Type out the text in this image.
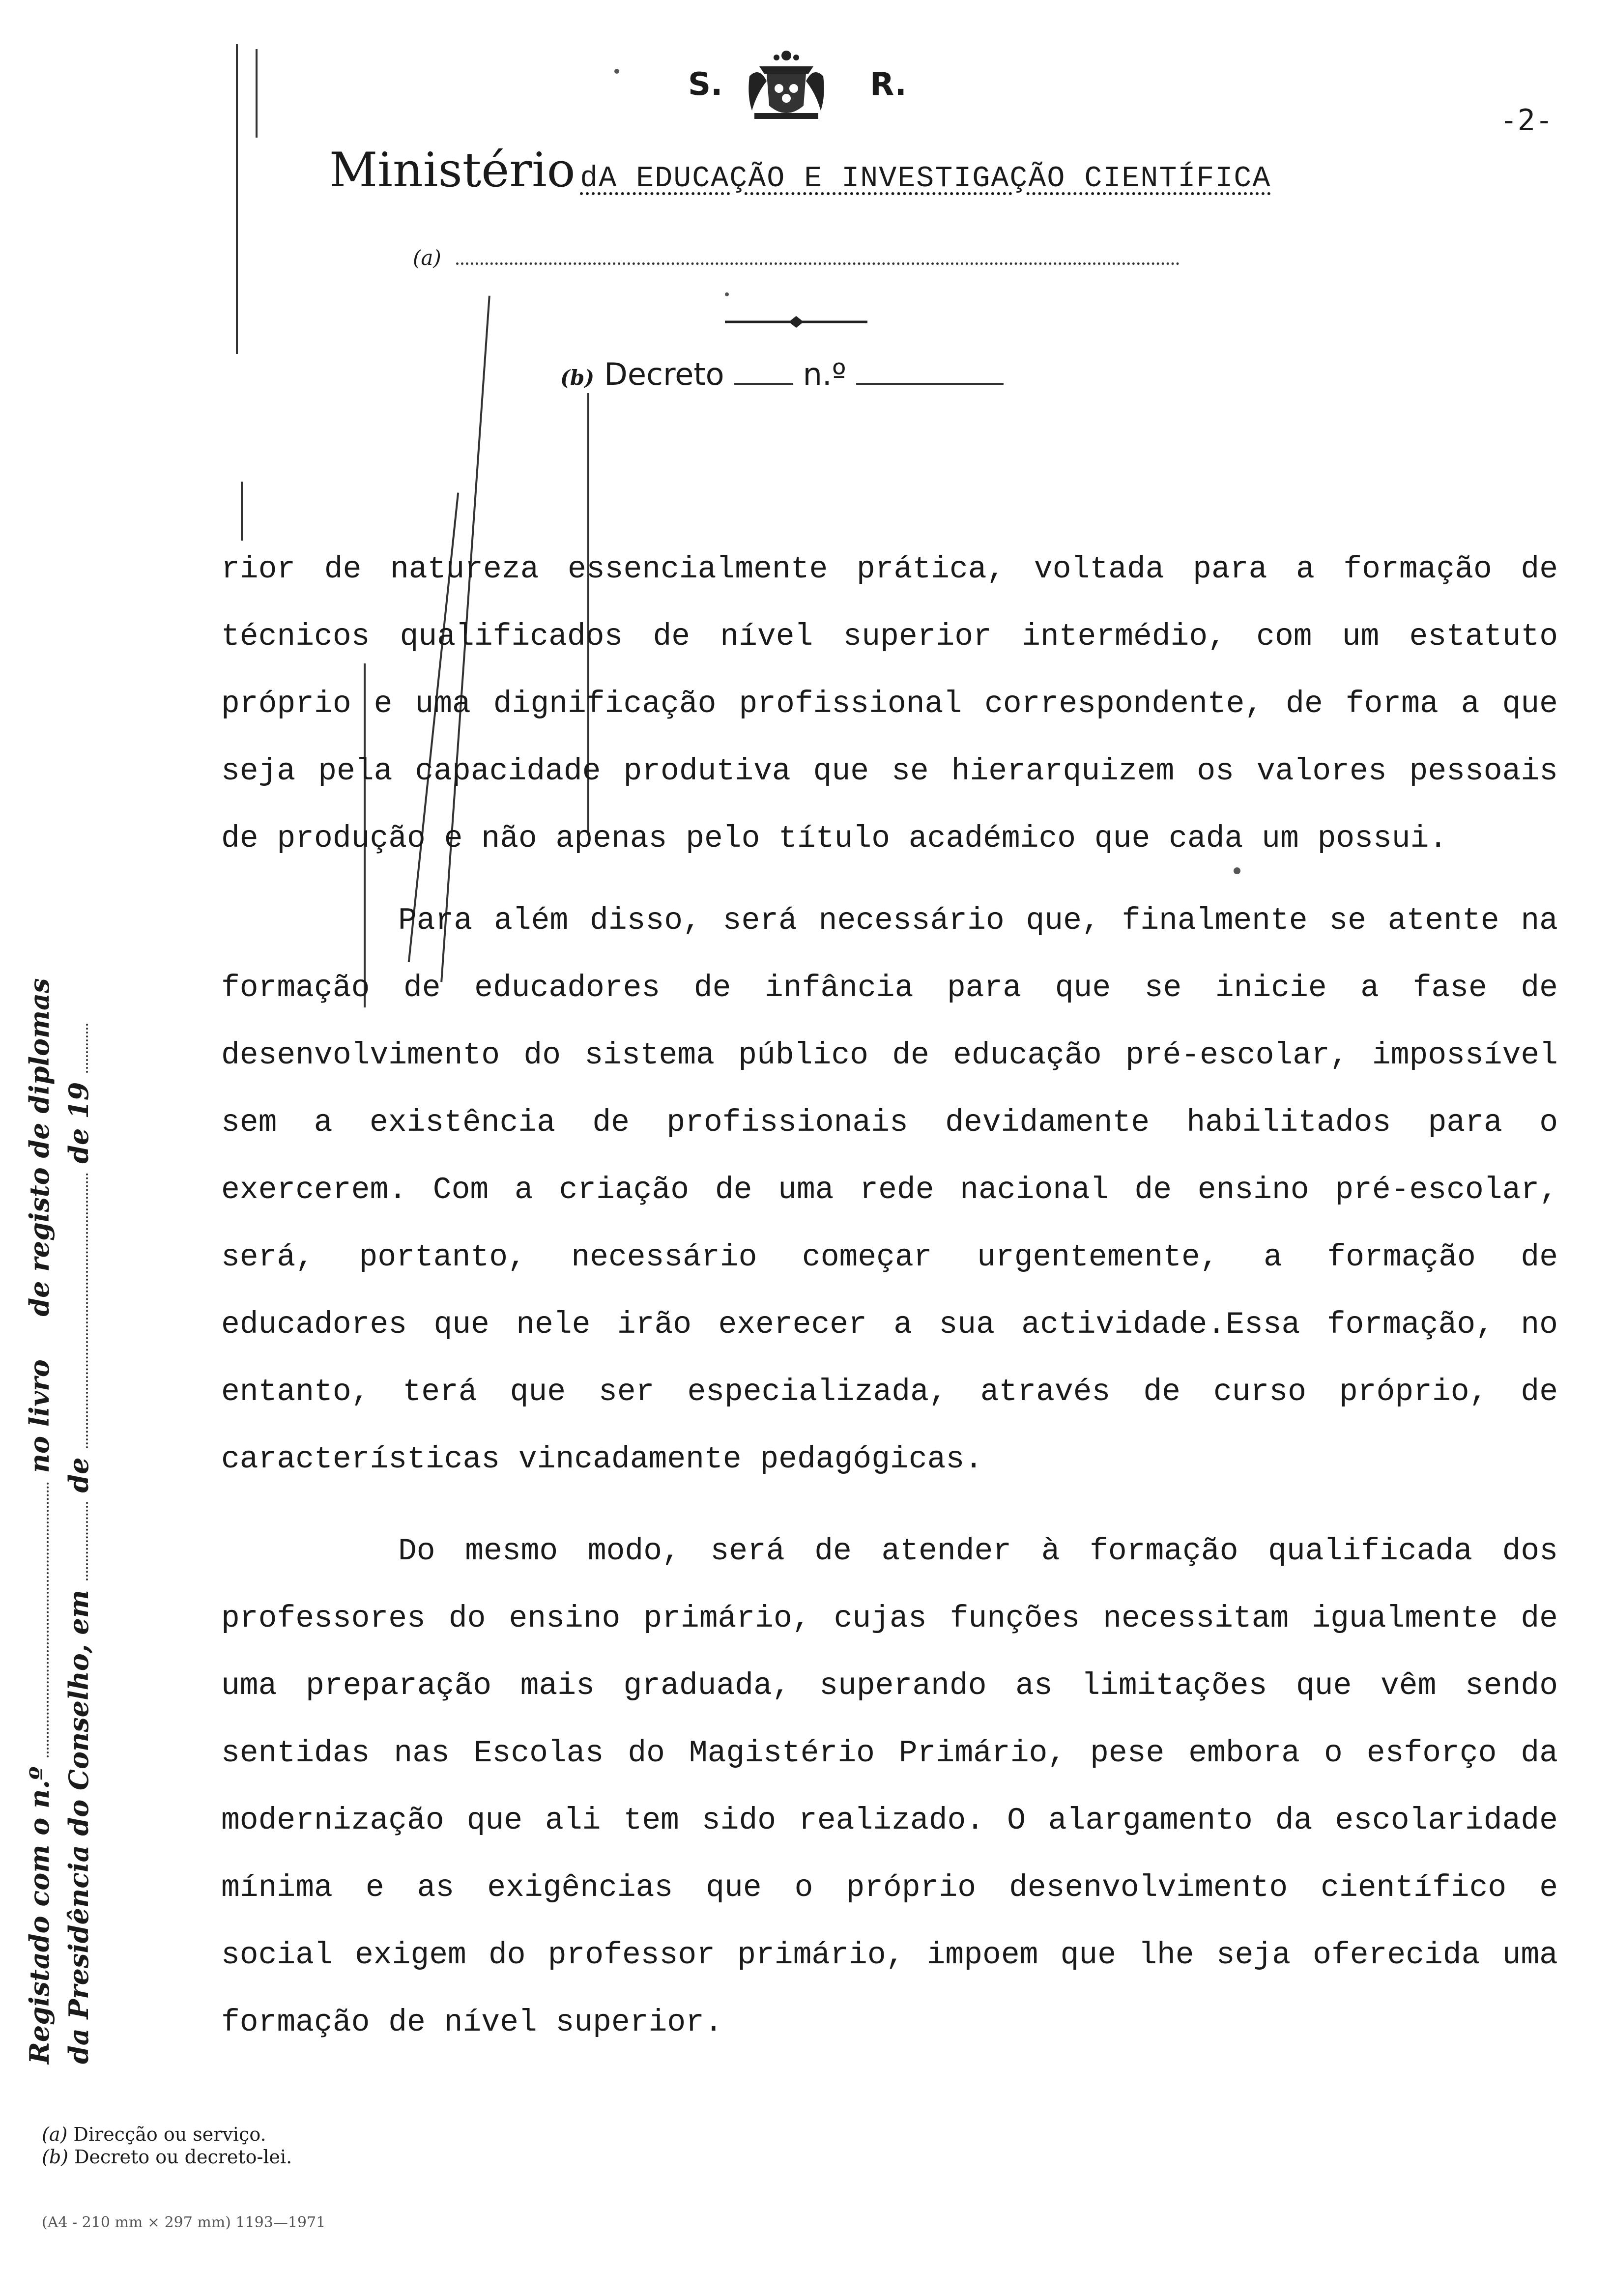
S.	R.
-2-
Ministério dA EDUCAÇÃO E INVESTIGAÇÃO CIENTÍFICA
(a)
(b) Decreto	n.º

rior de natureza essencialmente prática, voltada para a formação de técnicos qualificados de nível superior intermédio, com um estatuto próprio e uma dignificação profissional correspondente, de forma a que seja pela capacidade produtiva que se hierarquizem os valores pessoais de produção e não apenas pelo título académico que cada um possui.

Para além disso, será necessário que, finalmente se atente na formação de educadores de infância para que se inicie a fase de desenvolvimento do sistema público de educação pré-escolar, impossível sem a existência de profissionais devidamente habilitados para o exercerem. Com a criação de uma rede nacional de ensino pré-escolar, será, portanto, necessário começar urgentemente, a formação de educadores que nele irão exerecer a sua actividade.Essa formação, no entanto, terá que ser especializada, através de curso próprio, de características vincadamente pedagógicas.

Do mesmo modo, será de atender à formação qualificada dos professores do ensino primário, cujas funções necessitam igualmente de uma preparação mais graduada, superando as limitações que vêm sendo sentidas nas Escolas do Magistério Primário, pese embora o esforço da modernização que ali tem sido realizado. O alargamento da escolaridade mínima e as exigências que o próprio desenvolvimento científico e social exigem do professor primário, impoem que lhe seja oferecida uma formação de nível superior.

Registado com o n.º  no livro  de registo de diplomas
da Presidência do Conselho, em  de  de 19
(a) Direcção ou serviço.
(b) Decreto ou decreto-lei.
(A4 - 210 mm × 297 mm) 1193—1971
